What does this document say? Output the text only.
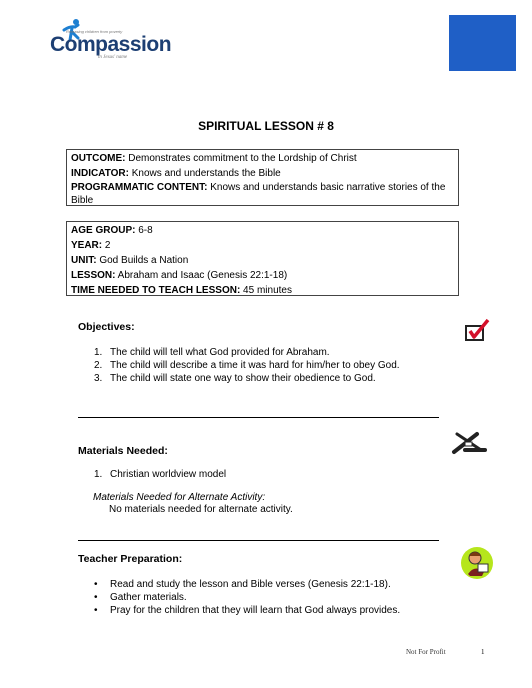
Releasing children from poverty
Compassion
in Jesus' name
SPIRITUAL LESSON # 8
OUTCOME: Demonstrates commitment to the Lordship of Christ
INDICATOR: Knows and understands the Bible
PROGRAMMATIC CONTENT: Knows and understands basic narrative stories of the Bible
AGE GROUP: 6-8
YEAR: 2
UNIT: God Builds a Nation
LESSON: Abraham and Isaac (Genesis 22:1-18)
TIME NEEDED TO TEACH LESSON: 45 minutes
Objectives:
1. The child will tell what God provided for Abraham.
2. The child will describe a time it was hard for him/her to obey God.
3. The child will state one way to show their obedience to God.
Materials Needed:
1. Christian worldview model
Materials Needed for Alternate Activity:
No materials needed for alternate activity.
Teacher Preparation:
• Read and study the lesson and Bible verses (Genesis 22:1-18).
• Gather materials.
• Pray for the children that they will learn that God always provides.
Not For Profit	1
